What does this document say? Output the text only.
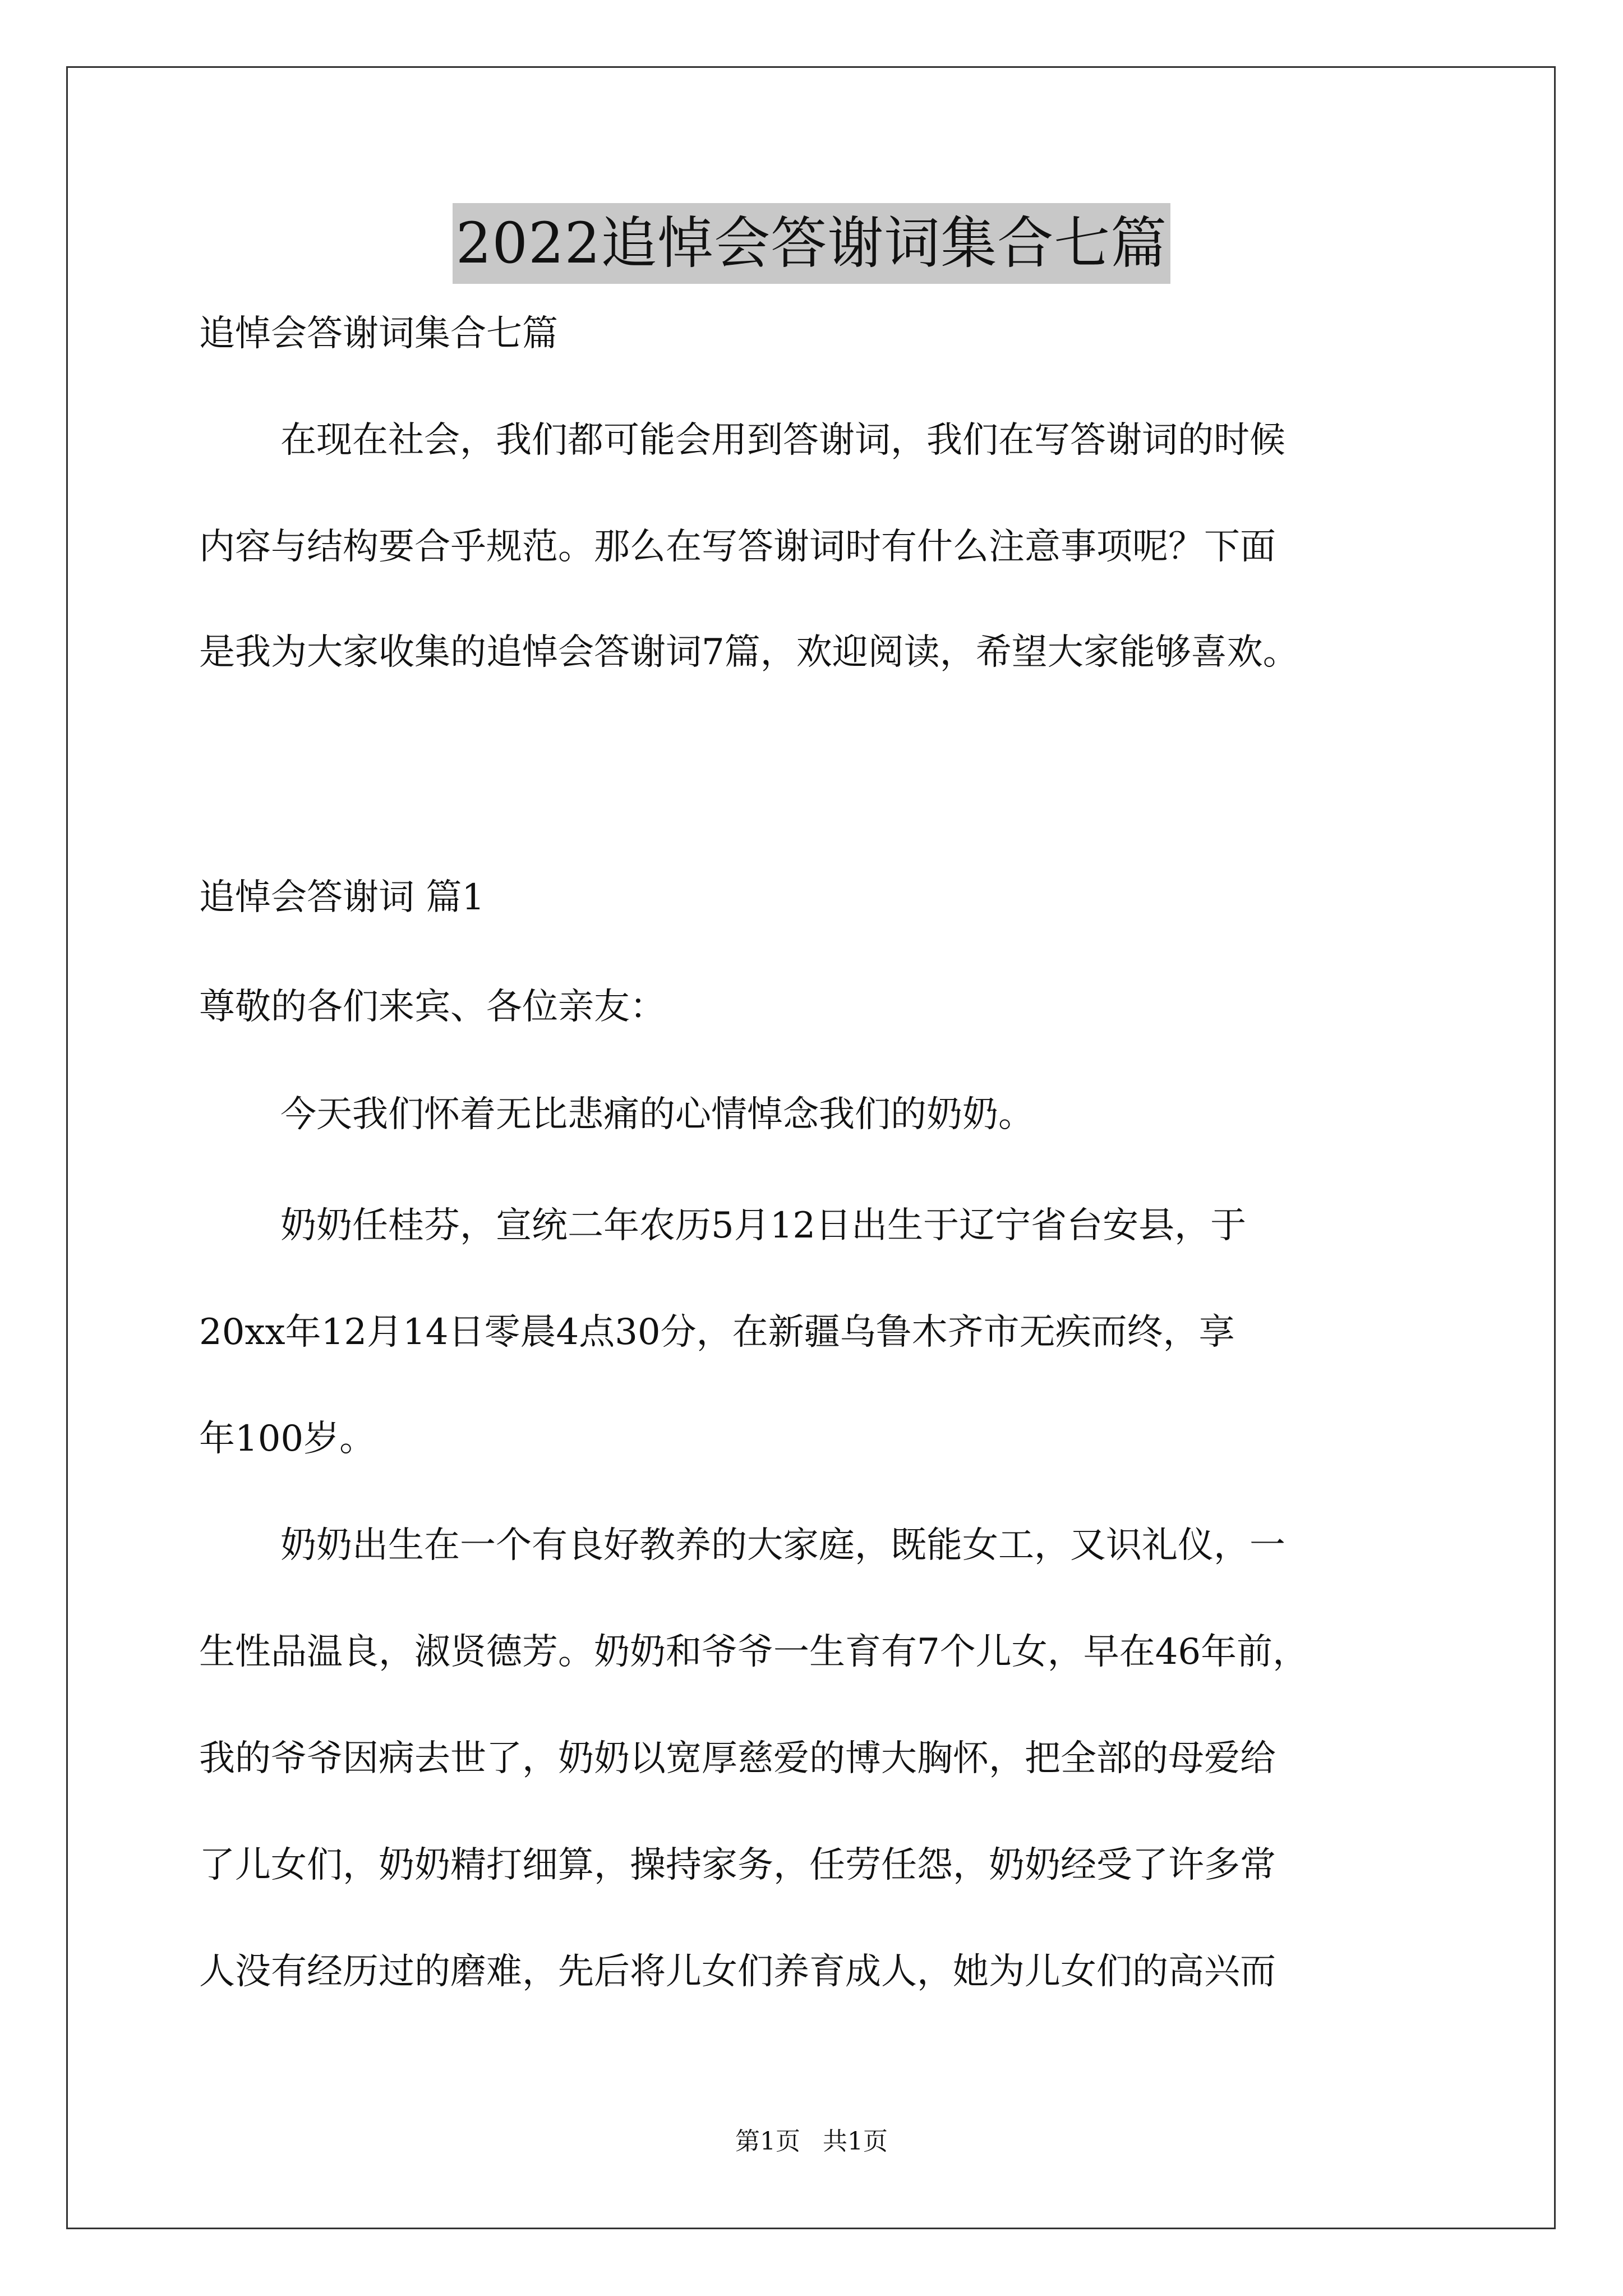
2022追悼会答谢词集合七篇

追悼会答谢词集合七篇

在现在社会，我们都可能会用到答谢词，我们在写答谢词的时候

内容与结构要合乎规范。那么在写答谢词时有什么注意事项呢？下面

是我为大家收集的追悼会答谢词7篇，欢迎阅读，希望大家能够喜欢。

追悼会答谢词 篇1

尊敬的各们来宾、各位亲友：

今天我们怀着无比悲痛的心情悼念我们的奶奶。

奶奶任桂芬，宣统二年农历5月12日出生于辽宁省台安县，于

20xx年12月14日零晨4点30分，在新疆乌鲁木齐市无疾而终，享

年100岁。

奶奶出生在一个有良好教养的大家庭，既能女工，又识礼仪，一

生性品温良，淑贤德芳。奶奶和爷爷一生育有7个儿女，早在46年前，

我的爷爷因病去世了，奶奶以宽厚慈爱的博大胸怀，把全部的母爱给

了儿女们，奶奶精打细算，操持家务，任劳任怨，奶奶经受了许多常

人没有经历过的磨难，先后将儿女们养育成人，她为儿女们的高兴而

第1页 共1页
